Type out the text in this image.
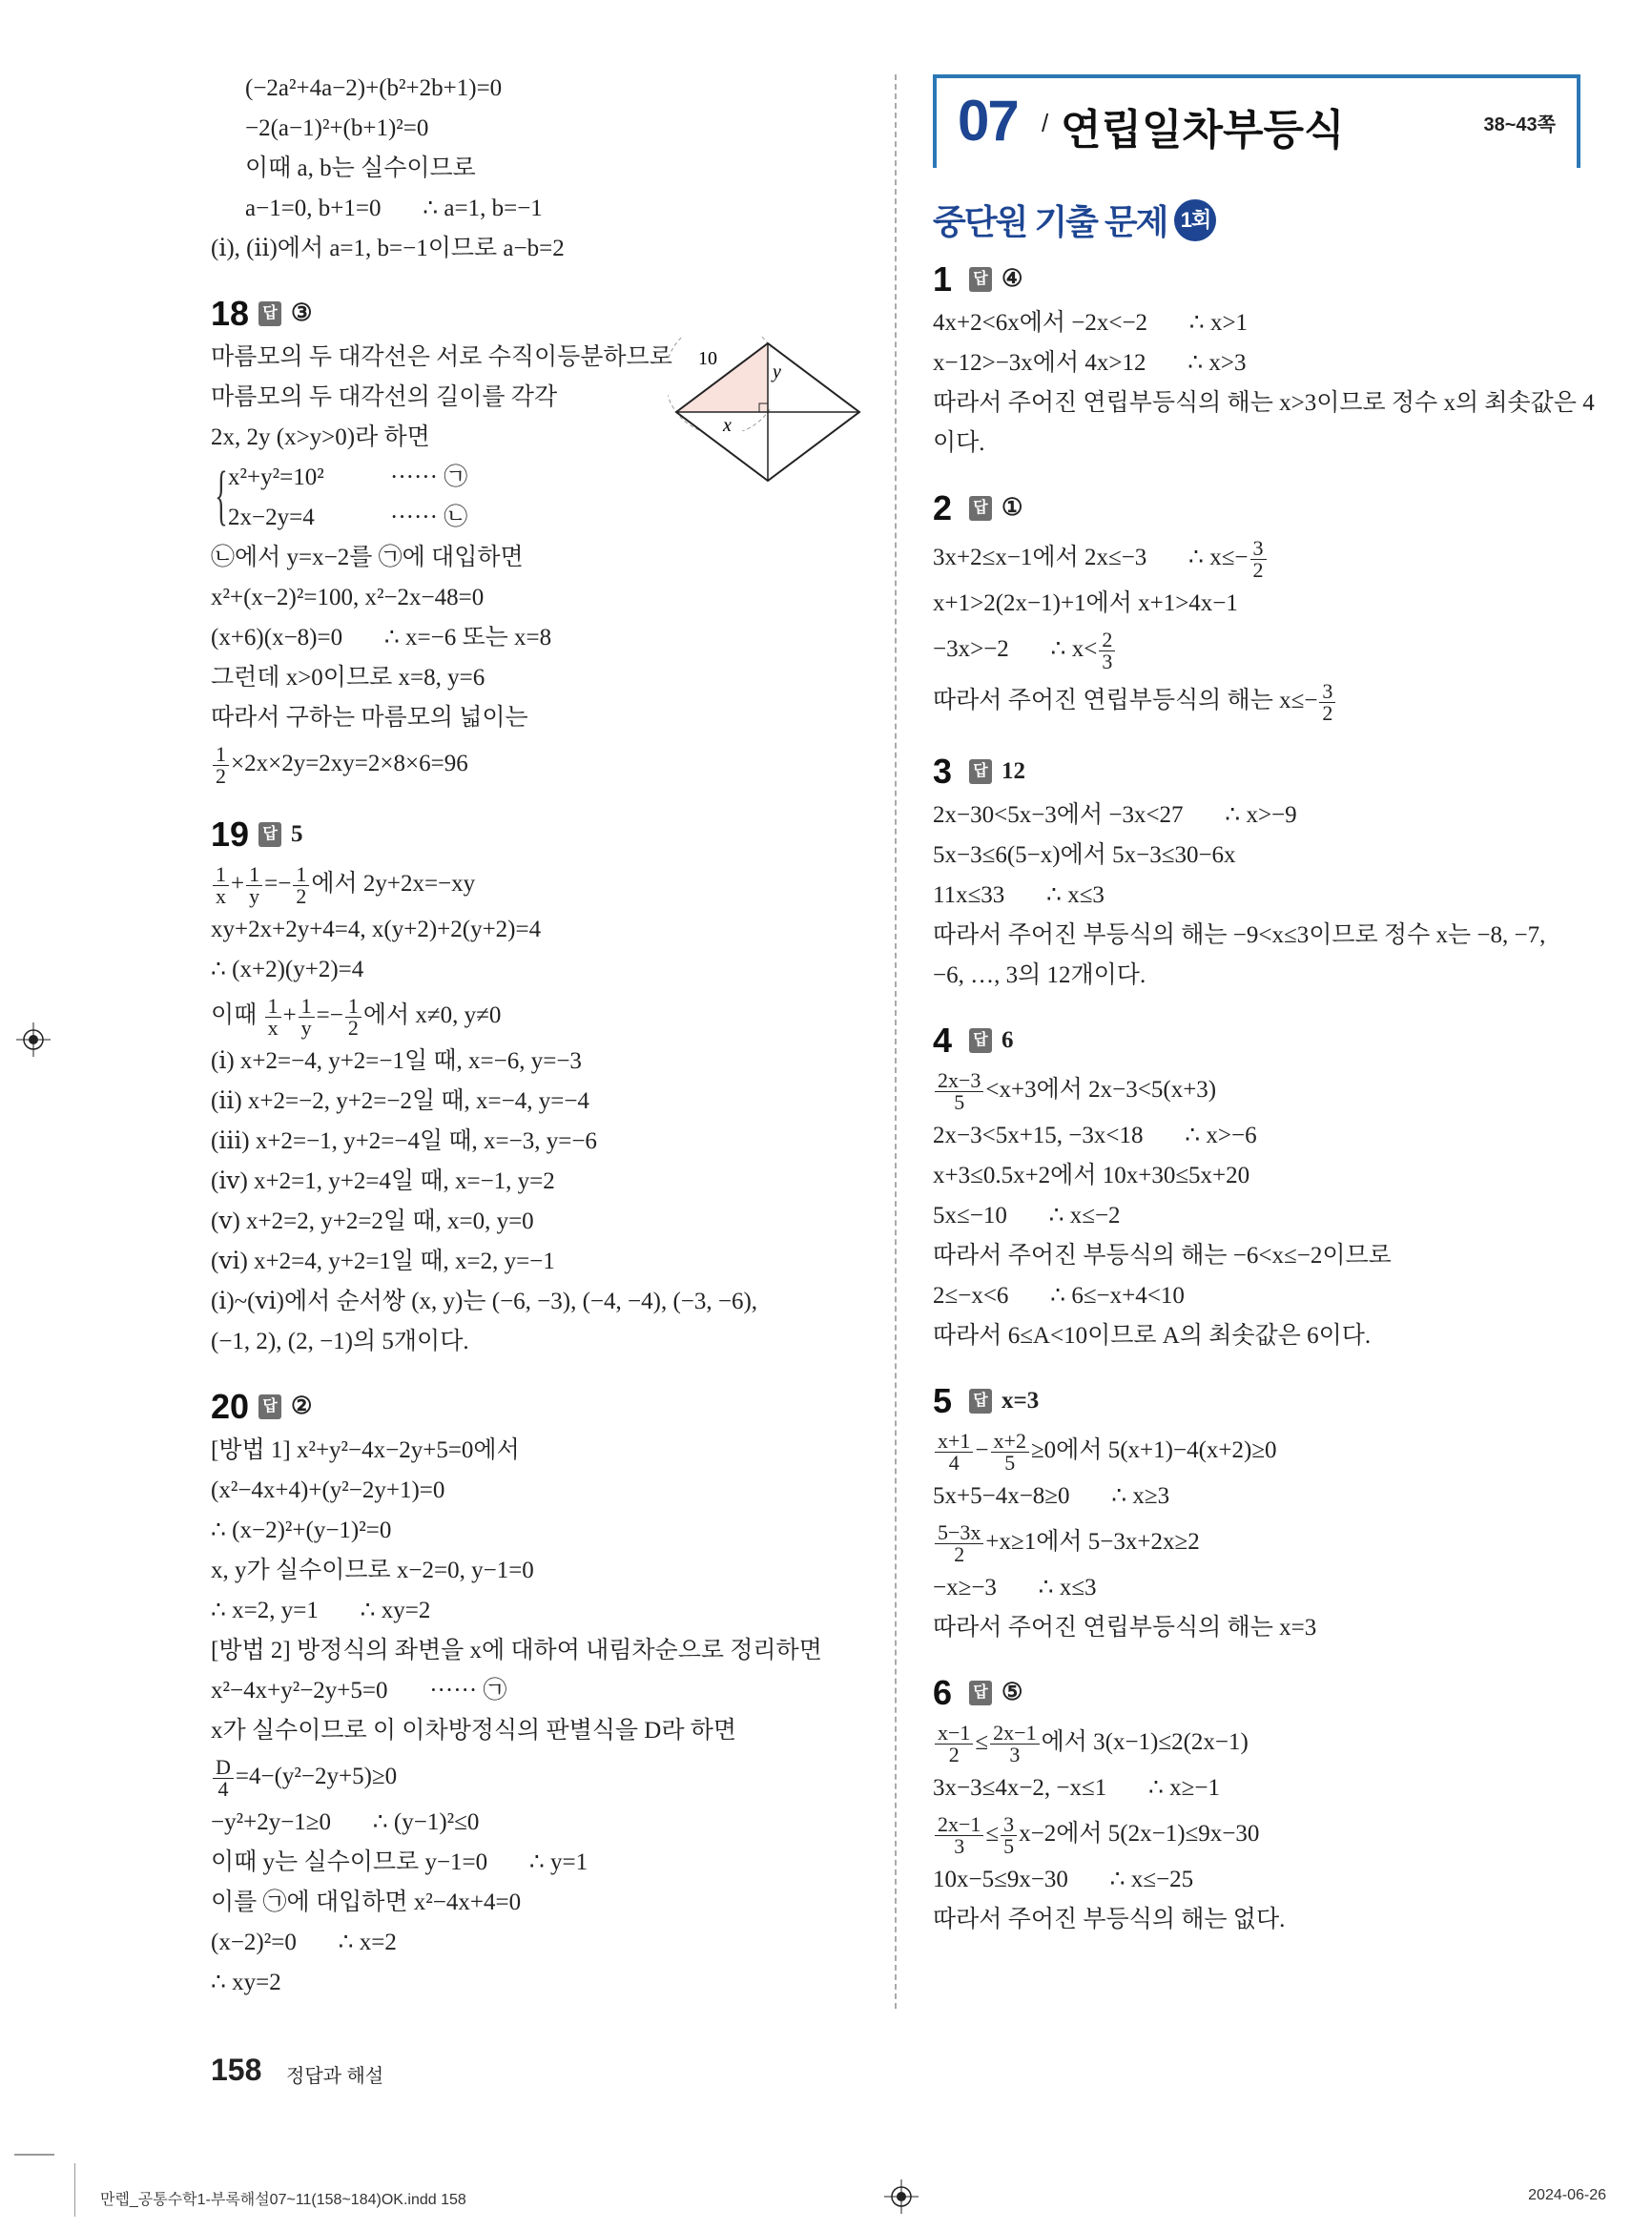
07 / 연립일차부등식	38~43쪽
중단원 기출 문제 1회
(−2a²+4a−2)+(b²+2b+1)=0
−2(a−1)²+(b+1)²=0
이때 a, b는 실수이므로
a−1=0, b+1=0       ∴ a=1, b=−1
(ⅰ), (ⅱ)에서 a=1, b=−1이므로 a−b=2
18 답 ③
마름모의 두 대각선은 서로 수직이등분하므로
마름모의 두 대각선의 길이를 각각
2x, 2y (x>y>0)라 하면
{ x²+y²=10²	······ ㉠
2x−2y=4	······ ㉡
㉡에서 y=x−2를 ㉠에 대입하면
x²+(x−2)²=100, x²−2x−48=0
(x+6)(x−8)=0       ∴ x=−6 또는 x=8
그런데 x>0이므로 x=8, y=6
따라서 구하는 마름모의 넓이는
$\frac{1}{2} \times 2x\times 2y=2xy=2\times 8\times 6=96$
19 답 5
$\frac{1}{x} + \frac{1}{y} =- \frac{1}{2}$ 에서 2y+2x=−xy
xy+2x+2y+4=4, x(y+2)+2(y+2)=4
∴ (x+2)(y+2)=4
이때 $\frac{1}{x} + \frac{1}{y} =- \frac{1}{2}$ 에서 x≠0, y≠0
(ⅰ) x+2=−4, y+2=−1일 때, x=−6, y=−3
(ⅱ) x+2=−2, y+2=−2일 때, x=−4, y=−4
(ⅲ) x+2=−1, y+2=−4일 때, x=−3, y=−6
(ⅳ) x+2=1, y+2=4일 때, x=−1, y=2
(ⅴ) x+2=2, y+2=2일 때, x=0, y=0
(ⅵ) x+2=4, y+2=1일 때, x=2, y=−1
(ⅰ)~(ⅵ)에서 순서쌍 (x, y)는 (−6, −3), (−4, −4), (−3, −6),
(−1, 2), (2, −1)의 5개이다.
20 답 ②
[방법 1] x²+y²−4x−2y+5=0에서
(x²−4x+4)+(y²−2y+1)=0
∴ (x−2)²+(y−1)²=0
x, y가 실수이므로 x−2=0, y−1=0
∴ x=2, y=1       ∴ xy=2
[방법 2] 방정식의 좌변을 x에 대하여 내림차순으로 정리하면
x²−4x+y²−2y+5=0       ······ ㉠
x가 실수이므로 이 이차방정식의 판별식을 D라 하면
$\frac{D}{4} =4-(y^2-2y+5)\ge 0$
−y²+2y−1≥0       ∴ (y−1)²≤0
이때 y는 실수이므로 y−1=0       ∴ y=1
이를 ㉠에 대입하면 x²−4x+4=0
(x−2)²=0       ∴ x=2
∴ xy=2
1	답 ④
4x+2<6x에서 −2x<−2       ∴ x>1
x−12>−3x에서 4x>12       ∴ x>3
따라서 주어진 연립부등식의 해는 x>3이므로 정수 x의 최솟값은 4
이다.
2	답 ①
3x+2≤x−1에서 2x≤−3       ∴ $x\le- \frac{3}{2}$
x+1>2(2x−1)+1에서 x+1>4x−1
−3x>−2       ∴ $x< \frac{2}{3}$
따라서 주어진 연립부등식의 해는 $x\le- \frac{3}{2}$
3	답 12
2x−30<5x−3에서 −3x<27       ∴ x>−9
5x−3≤6(5−x)에서 5x−3≤30−6x
11x≤33       ∴ x≤3
따라서 주어진 부등식의 해는 −9<x≤3이므로 정수 x는 −8, −7,
−6, …, 3의 12개이다.
4	답 6
$\frac{2x-3}{5} <x+3$에서 2x−3<5(x+3)
2x−3<5x+15, −3x<18       ∴ x>−6
x+3≤0.5x+2에서 10x+30≤5x+20
5x≤−10       ∴ x≤−2
따라서 주어진 부등식의 해는 −6<x≤−2이므로
2≤−x<6       ∴ 6≤−x+4<10
따라서 6≤A<10이므로 A의 최솟값은 6이다.
5	답 x=3
$\frac{x+1}{4} - \frac{x+2}{5} \ge 0$에서 5(x+1)−4(x+2)≥0
5x+5−4x−8≥0       ∴ x≥3
$\frac{5-3x}{2} +x\ge 1$에서 5−3x+2x≥2
−x≥−3       ∴ x≤3
따라서 주어진 연립부등식의 해는 x=3
6	답 ⑤
$\frac{x-1}{2} \le \frac{2x-1}{3}$ 에서 3(x−1)≤2(2x−1)
3x−3≤4x−2, −x≤1       ∴ x≥−1
$\frac{2x-1}{3} \le \frac{3}{5} x-2$에서 5(2x−1)≤9x−30
10x−5≤9x−30       ∴ x≤−25
따라서 주어진 부등식의 해는 없다.
10
y
x
158 정답과 해설
만렙_공통수학1-부록해설07~11(158~184)OK.indd 158	2024-06-26
